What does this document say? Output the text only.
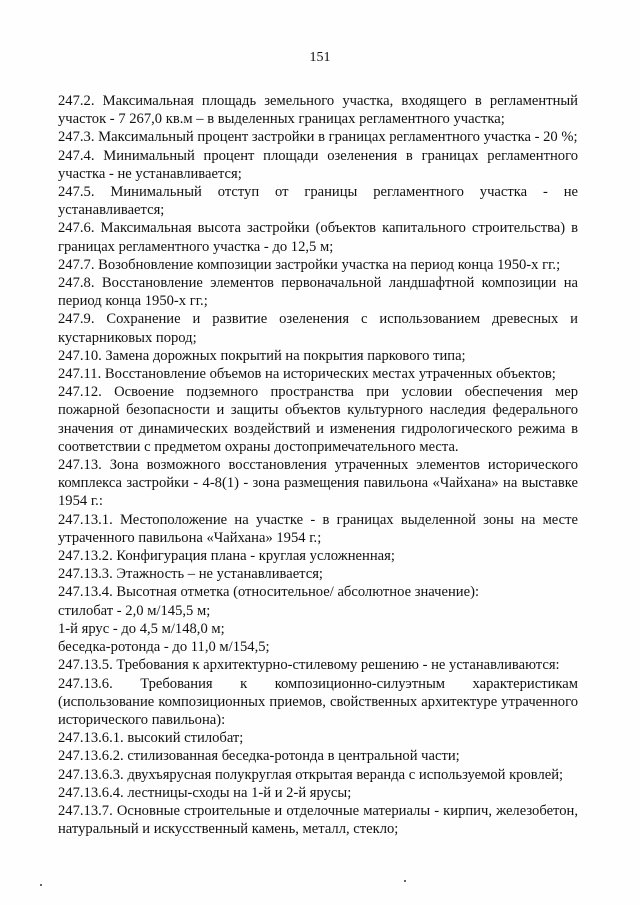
151

247.2. Максимальная площадь земельного участка, входящего в регламентный участок - 7 267,0 кв.м – в выделенных границах регламентного участка;

247.3. Максимальный процент застройки в границах регламентного участка - 20 %;

247.4. Минимальный процент площади озеленения в границах регламентного участка - не устанавливается;

247.5. Минимальный отступ от границы регламентного участка - не устанавливается;

247.6. Максимальная высота застройки (объектов капитального строительства) в границах регламентного участка - до 12,5 м;

247.7. Возобновление композиции застройки участка на период конца 1950-х гг.;

247.8. Восстановление элементов первоначальной ландшафтной композиции на период конца 1950-х гг.;

247.9. Сохранение и развитие озеленения с использованием древесных и кустарниковых пород;

247.10. Замена дорожных покрытий на покрытия паркового типа;

247.11. Восстановление объемов на исторических местах утраченных объектов;

247.12. Освоение подземного пространства при условии обеспечения мер пожарной безопасности и защиты объектов культурного наследия федерального значения от динамических воздействий и изменения гидрологического режима в соответствии с предметом охраны достопримечательного места.

247.13. Зона возможного восстановления утраченных элементов исторического комплекса застройки - 4-8(1) - зона размещения павильона «Чайхана» на выставке 1954 г.:

247.13.1. Местоположение на участке - в границах выделенной зоны на месте утраченного павильона «Чайхана» 1954 г.;

247.13.2. Конфигурация плана - круглая усложненная;

247.13.3. Этажность – не устанавливается;

247.13.4. Высотная отметка (относительное/ абсолютное значение):

стилобат - 2,0 м/145,5 м;

1-й ярус - до 4,5 м/148,0 м;

беседка-ротонда - до 11,0 м/154,5;

247.13.5. Требования к архитектурно-стилевому решению - не устанавливаются:

247.13.6. Требования к композиционно-силуэтным характеристикам (использование композиционных приемов, свойственных архитектуре утраченного исторического павильона):

247.13.6.1. высокий стилобат;

247.13.6.2. стилизованная беседка-ротонда в центральной части;

247.13.6.3. двухъярусная полукруглая открытая веранда с используемой кровлей;

247.13.6.4. лестницы-сходы на 1-й и 2-й ярусы;

247.13.7. Основные строительные и отделочные материалы - кирпич, железобетон, натуральный и искусственный камень, металл, стекло;
